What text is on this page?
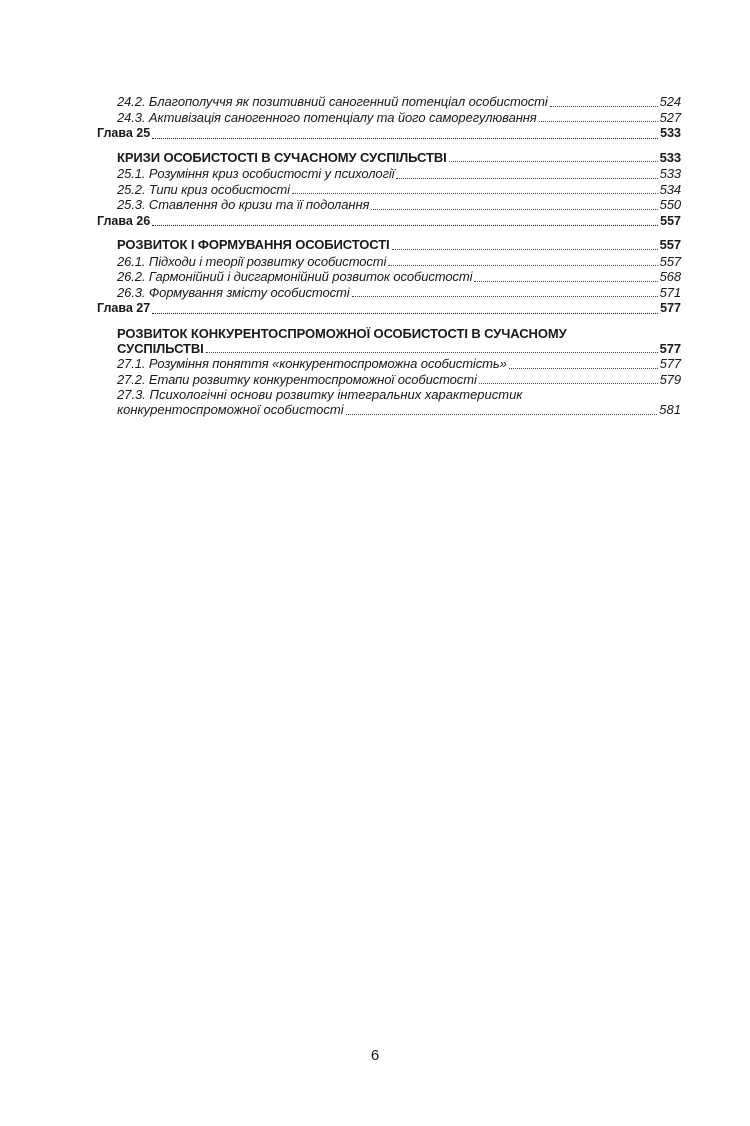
24.2. Благополуччя як позитивний саногенний потенціал особистості	524
24.3. Активізація саногенного потенціалу та його саморегулювання	527
Глава 25	533
КРИЗИ ОСОБИСТОСТІ В СУЧАСНОМУ СУСПІЛЬСТВІ	533
25.1. Розуміння криз особистості у психології	533
25.2. Типи криз особистості	534
25.3. Ставлення до кризи та її подолання	550
Глава 26	557
РОЗВИТОК І ФОРМУВАННЯ ОСОБИСТОСТІ	557
26.1. Підходи і теорії розвитку особистості	557
26.2. Гармонійний і дисгармонійний розвиток особистості	568
26.3. Формування змісту особистості	571
Глава 27	577
РОЗВИТОК КОНКУРЕНТОСПРОМОЖНОЇ ОСОБИСТОСТІ В СУЧАСНОМУ
СУСПІЛЬСТВІ	577
27.1. Розуміння поняття «конкурентоспроможна особистість»	577
27.2. Етапи розвитку конкурентоспроможної особистості	579
27.3. Психологічні основи розвитку інтегральних характеристик
конкурентоспроможної особистості	581
6
